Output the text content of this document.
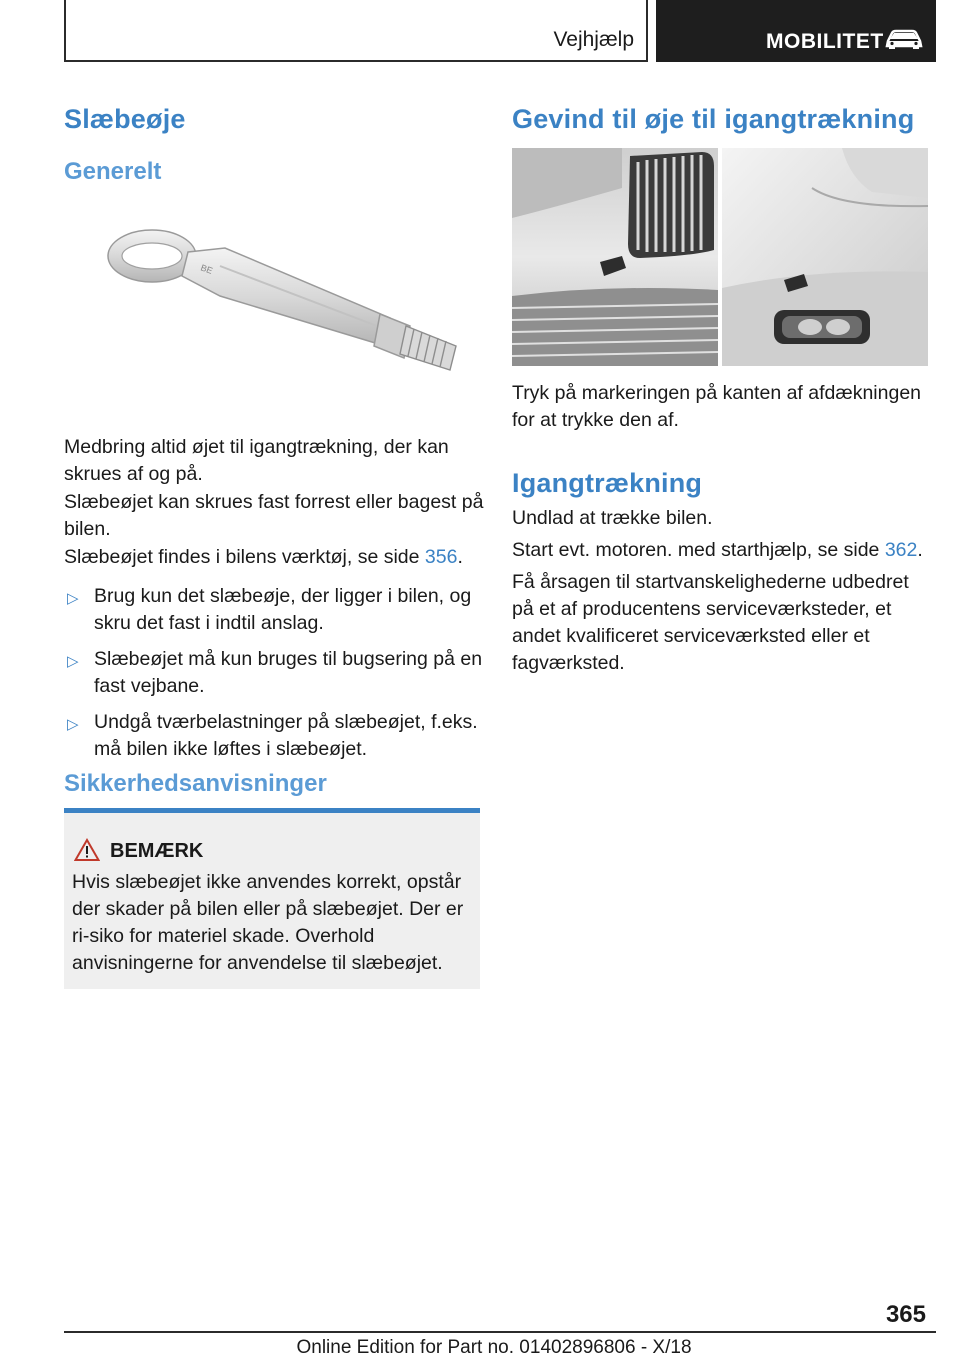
Vejhjælp	MOBILITET
Slæbeøje
Generelt
BE

Medbring altid øjet til igangtrækning, der kan skrues af og på.

Slæbeøjet kan skrues fast forrest eller bagest på bilen.

Slæbeøjet findes i bilens værktøj, se side 356.

▷ Brug kun det slæbeøje, der ligger i bilen, og skru det fast i indtil anslag.
▷ Slæbeøjet må kun bruges til bugsering på en fast vejbane.
▷ Undgå tværbelastninger på slæbeøjet, f.eks. må bilen ikke løftes i slæbeøjet.
Sikkerhedsanvisninger
BEMÆRK

Hvis slæbeøjet ikke anvendes korrekt, opstår der skader på bilen eller på slæbeøjet. Der er ri-siko for materiel skade. Overhold anvisningerne for anvendelse til slæbeøjet.

Gevind til øje til igangtrækning

Tryk på markeringen på kanten af afdækningen for at trykke den af.

Igangtrækning

Undlad at trække bilen.

Start evt. motoren. med starthjælp, se side 362.

Få årsagen til startvanskelighederne udbedret på et af producentens serviceværksteder, et andet kvalificeret serviceværksted eller et fagværksted.

365
Online Edition for Part no. 01402896806 - X/18
